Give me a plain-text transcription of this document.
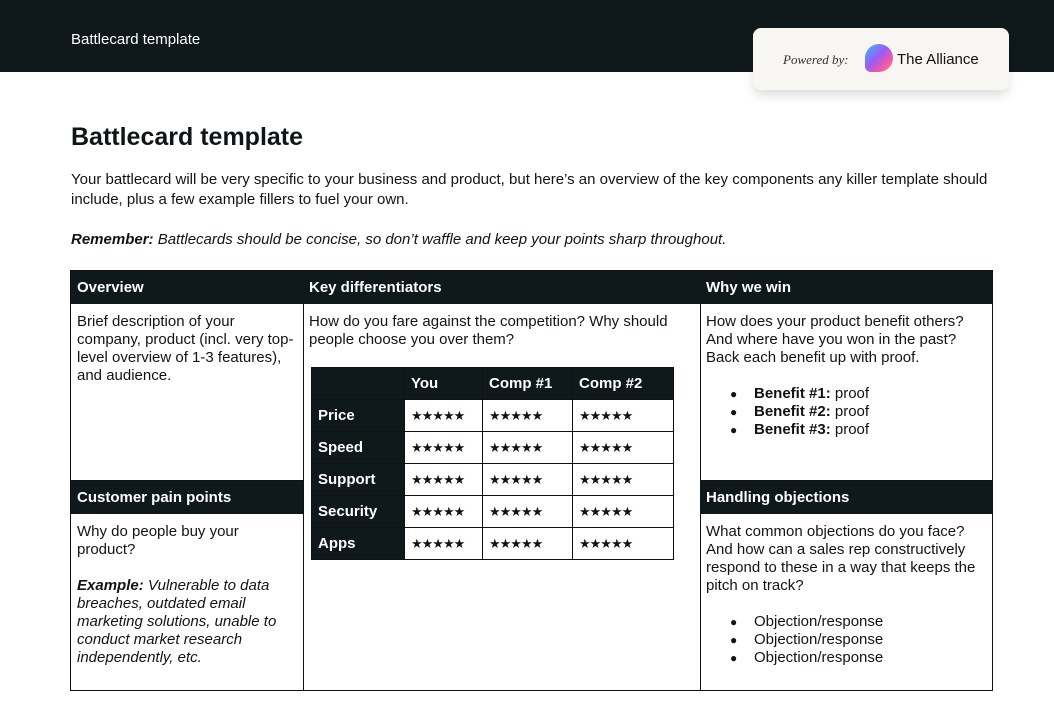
Battlecard template
Powered by:	The Alliance
Battlecard template

Your battlecard will be very specific to your business and product, but here’s an overview of the key components any killer template should include, plus a few example fillers to fuel your own.

Remember: Battlecards should be concise, so don’t waffle and keep your points sharp throughout.

Overview
Brief description of your company, product (incl. very top-level overview of 1-3 features), and audience.
Customer pain points

Why do people buy your product?

Example: Vulnerable to data breaches, outdated email marketing solutions, unable to conduct market research independently, etc.

Key differentiators
How do you fare against the competition? Why should people choose you over them?
	You	Comp #1	Comp #2
Price	★★★★★	★★★★★	★★★★★
Speed	★★★★★	★★★★★	★★★★★
Support	★★★★★	★★★★★	★★★★★
Security	★★★★★	★★★★★	★★★★★
Apps	★★★★★	★★★★★	★★★★★
Why we win

How does your product benefit others? And where have you won in the past? Back each benefit up with proof.

● Benefit #1: proof
● Benefit #2: proof
● Benefit #3: proof
Handling objections

What common objections do you face? And how can a sales rep constructively respond to these in a way that keeps the pitch on track?

● Objection/response
● Objection/response
● Objection/response
